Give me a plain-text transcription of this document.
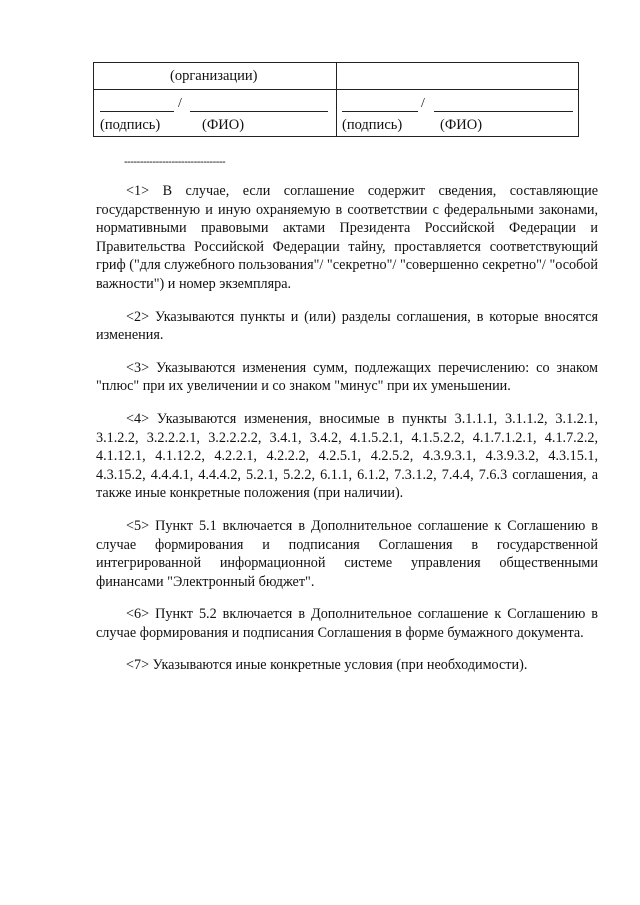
(организации)
/
(подпись)	(ФИО)
/
(подпись)	(ФИО)
--------------------------------

<1> В случае, если соглашение содержит сведения, составляющие государственную и иную охраняемую в соответствии с федеральными законами, нормативными правовыми актами Президента Российской Федерации и Правительства Российской Федерации тайну, проставляется соответствующий гриф ("для служебного пользования"/ "секретно"/ "совершенно секретно"/ "особой важности") и номер экземпляра.

<2> Указываются пункты и (или) разделы соглашения, в которые вносятся изменения.

<3> Указываются изменения сумм, подлежащих перечислению: со знаком "плюс" при их увеличении и со знаком "минус" при их уменьшении.

<4> Указываются изменения, вносимые в пункты 3.1.1.1, 3.1.1.2, 3.1.2.1, 3.1.2.2, 3.2.2.2.1, 3.2.2.2.2, 3.4.1, 3.4.2, 4.1.5.2.1, 4.1.5.2.2, 4.1.7.1.2.1, 4.1.7.2.2, 4.1.12.1, 4.1.12.2, 4.2.2.1, 4.2.2.2, 4.2.5.1, 4.2.5.2, 4.3.9.3.1, 4.3.9.3.2, 4.3.15.1, 4.3.15.2, 4.4.4.1, 4.4.4.2, 5.2.1, 5.2.2, 6.1.1, 6.1.2, 7.3.1.2, 7.4.4, 7.6.3 соглашения, а также иные конкретные положения (при наличии).

<5> Пункт 5.1 включается в Дополнительное соглашение к Соглашению в случае формирования и подписания Соглашения в государственной интегрированной информационной системе управления общественными финансами "Электронный бюджет".

<6> Пункт 5.2 включается в Дополнительное соглашение к Соглашению в случае формирования и подписания Соглашения в форме бумажного документа.

<7> Указываются иные конкретные условия (при необходимости).
